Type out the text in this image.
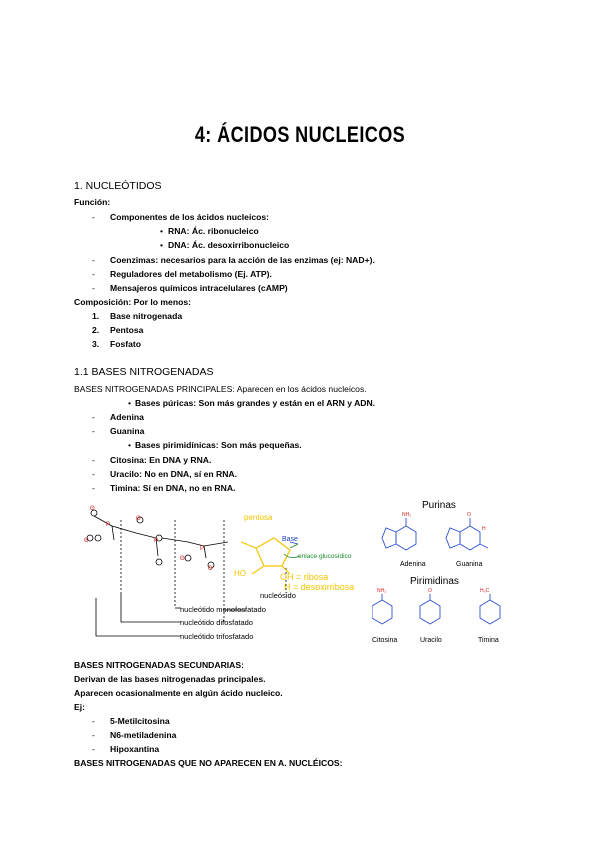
4: ÁCIDOS NUCLEICOS
1. NUCLEÓTIDOS
Función:
- Componentes de los ácidos nucleicos:
• RNA: Ác. ribonucleico
• DNA: Ác. desoxirribonucleico
- Coenzimas: necesarios para la acción de las enzimas (ej: NAD+).
- Reguladores del metabolismo (Ej. ATP).
- Mensajeros químicos intracelulares (cAMP)
Composición: Por lo menos:
1. Base nitrogenada
2. Pentosa
3. Fosfato
1.1 BASES NITROGENADAS
BASES NITROGENADAS PRINCIPALES: Aparecen en los ácidos nucleicos.
• Bases púricas: Son más grandes y están en el ARN y ADN.
- Adenina
- Guanina
• Bases pirimidínicas: Son más pequeñas.
- Citosina: En DNA y RNA.
- Uracilo: No en DNA, sí en RNA.
- Timina: Sí en DNA, no en RNA.
Θ
Θ
P
Θ
P
Θ
P
Θ
pentosa
HO	OH = ribosa
H = desoxirribosa
Base
enlace glucosídico
nucleósido
nucleótido monofosfatado
nucleótido difosfatado
nucleótido trifosfatado
Purinas
NH₂	O
H
Adenina	Guanina
Pirimidinas
NH₂	O	H₃C
Citosina	Uracilo	Timina
BASES NITROGENADAS SECUNDARIAS:
Derivan de las bases nitrogenadas principales.
Aparecen ocasionalmente en algún ácido nucleico.
Ej:
- 5-Metilcitosina
- N6-metiladenina
- Hipoxantina
BASES NITROGENADAS QUE NO APARECEN EN A. NUCLÉICOS:
